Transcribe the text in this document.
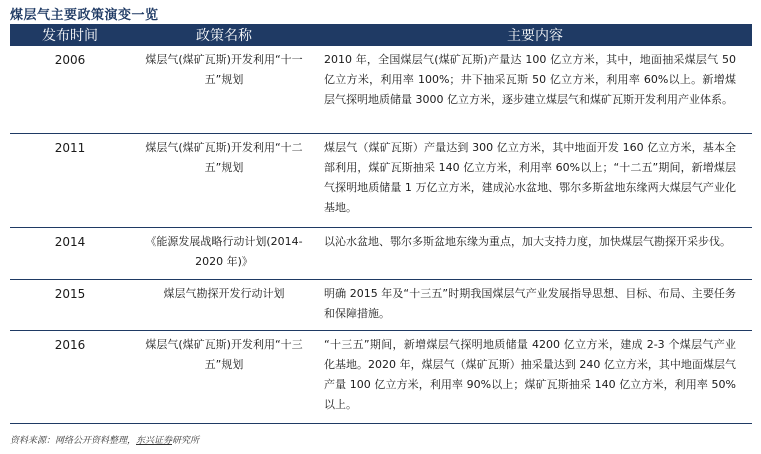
煤层气主要政策演变一览
发布时间	政策名称	主要内容
2006	煤层气(煤矿瓦斯)开发利用“十一五”规划	2010 年，全国煤层气(煤矿瓦斯)产量达 100 亿立方米，其中，地面抽采煤层气 50 亿立方米，利用率 100%；井下抽采瓦斯 50 亿立方米，利用率 60%以上。新增煤层气探明地质储量 3000 亿立方米，逐步建立煤层气和煤矿瓦斯开发利用产业体系。
2011	煤层气(煤矿瓦斯)开发利用“十二五”规划	煤层气（煤矿瓦斯）产量达到 300 亿立方米，其中地面开发 160 亿立方米，基本全部利用，煤矿瓦斯抽采 140 亿立方米，利用率 60%以上；“十二五”期间，新增煤层气探明地质储量 1 万亿立方米，建成沁水盆地、鄂尔多斯盆地东缘两大煤层气产业化基地。
2014	《能源发展战略行动计划(2014-2020 年)》	以沁水盆地、鄂尔多斯盆地东缘为重点，加大支持力度，加快煤层气勘探开采步伐。
2015	煤层气勘探开发行动计划	明确 2015 年及“十三五”时期我国煤层气产业发展指导思想、目标、布局、主要任务和保障措施。
2016	煤层气(煤矿瓦斯)开发利用“十三五”规划	“十三五”期间，新增煤层气探明地质储量 4200 亿立方米，建成 2-3 个煤层气产业化基地。2020 年，煤层气（煤矿瓦斯）抽采量达到 240 亿立方米，其中地面煤层气产量 100 亿立方米，利用率 90%以上；煤矿瓦斯抽采 140 亿立方米，利用率 50%以上。
资料来源：网络公开资料整理，东兴证券研究所
